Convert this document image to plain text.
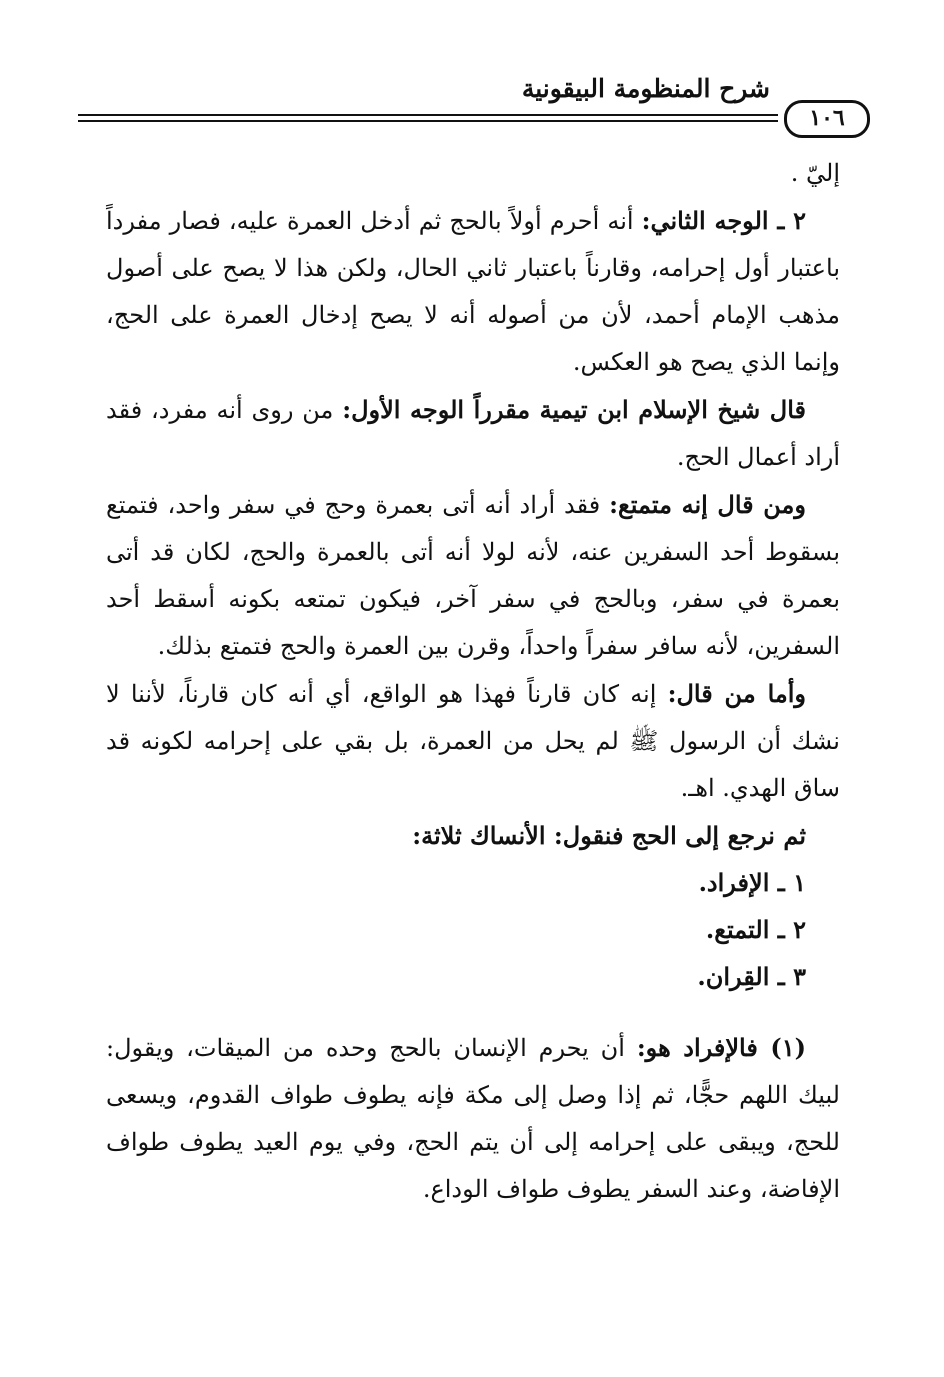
شرح المنظومة البيقونية
١٠٦

إليّ .

٢ ـ الوجه الثاني: أنه أحرم أولاً بالحج ثم أدخل العمرة عليه، فصار مفرداً باعتبار أول إحرامه، وقارناً باعتبار ثاني الحال، ولكن هذا لا يصح على أصول مذهب الإمام أحمد، لأن من أصوله أنه لا يصح إدخال العمرة على الحج، وإنما الذي يصح هو العكس.

قال شيخ الإسلام ابن تيمية مقرراً الوجه الأول: من روى أنه مفرد، فقد أراد أعمال الحج.

ومن قال إنه متمتع: فقد أراد أنه أتى بعمرة وحج في سفر واحد، فتمتع بسقوط أحد السفرين عنه، لأنه لولا أنه أتى بالعمرة والحج، لكان قد أتى بعمرة في سفر، وبالحج في سفر آخر، فيكون تمتعه بكونه أسقط أحد السفرين، لأنه سافر سفراً واحداً، وقرن بين العمرة والحج فتمتع بذلك.

وأما من قال: إنه كان قارناً فهذا هو الواقع، أي أنه كان قارناً، لأننا لا نشك أن الرسول ﷺ لم يحل من العمرة، بل بقي على إحرامه لكونه قد ساق الهدي. اهـ.

ثم نرجع إلى الحج فنقول: الأنساك ثلاثة:

١ ـ الإفراد.
٢ ـ التمتع.
٣ ـ القِران.

(١) فالإفراد هو: أن يحرم الإنسان بالحج وحده من الميقات، ويقول: لبيك اللهم حجًّا، ثم إذا وصل إلى مكة فإنه يطوف طواف القدوم، ويسعى للحج، ويبقى على إحرامه إلى أن يتم الحج، وفي يوم العيد يطوف طواف الإفاضة، وعند السفر يطوف طواف الوداع.
